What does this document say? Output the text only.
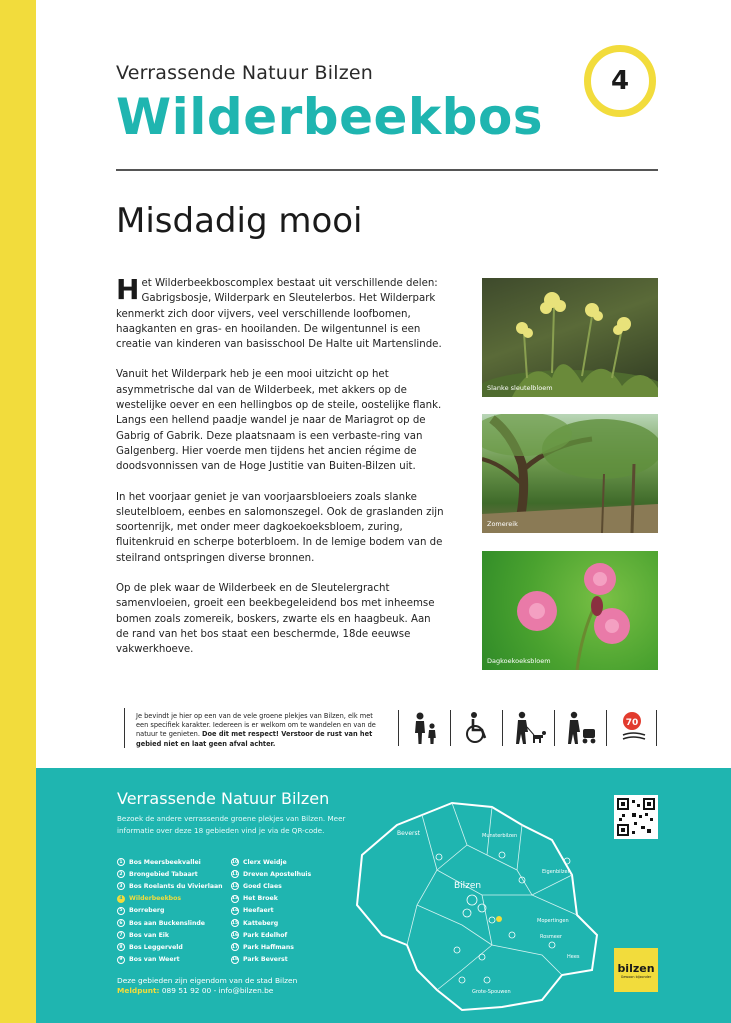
Verrassende Natuur Bilzen
Wilderbeekbos
4
Misdadig mooi

Het Wilderbeekboscomplex bestaat uit verschillende delen: Gabrigsbosje, Wilderpark en Sleutelerbos. Het Wilderpark kenmerkt zich door vijvers, veel verschillende loofbomen, haagkanten en gras- en hooilanden. De wilgentunnel is een creatie van kinderen van basisschool De Halte uit Martenslinde.

Vanuit het Wilderpark heb je een mooi uitzicht op het asymmetrische dal van de Wilderbeek, met akkers op de westelijke oever en een hellingbos op de steile, oostelijke flank. Langs een hellend paadje wandel je naar de Mariagrot op de Gabrig of Gabrik. Deze plaatsnaam is een verbaste-ring van Galgenberg. Hier voerde men tijdens het ancien régime de doodsvonnissen van de Hoge Justitie van Buiten-Bilzen uit.

In het voorjaar geniet je van voorjaarsbloeiers zoals slanke sleutelbloem, eenbes en salomonszegel. Ook de graslanden zijn soortenrijk, met onder meer dagkoekoeksbloem, zuring, fluitenkruid en scherpe boterbloem. In de lemige bodem van de steilrand ontspringen diverse bronnen.

Op de plek waar de Wilderbeek en de Sleutelergracht samenvloeien, groeit een beekbegeleidend bos met inheemse bomen zoals zomereik, boskers, zwarte els en haagbeuk. Aan de rand van het bos staat een beschermde, 18de eeuwse vakwerkhoeve.

Slanke sleutelbloem
Zomereik
Dagkoekoeksbloem
Je bevindt je hier op een van de vele groene plekjes van Bilzen, elk met een specifiek karakter. Iedereen is er welkom om te wandelen en van de natuur te genieten. Doe dit met respect! Verstoor de rust van het gebied niet en laat geen afval achter.
70
Verrassende Natuur Bilzen
Bezoek de andere verrassende groene plekjes van Bilzen. Meer informatie over deze 18 gebieden vind je via de QR-code.
1	Bos Meersbeekvallei
2	Brongebied Tabaart
3	Bos Roelants du Vivierlaan
4	Wilderbeekbos
5	Borreberg
6	Bos aan Buckenslinde
7	Bos van Eik
8	Bos Leggerveld
9	Bos van Weert
10 Clerx Weidje
11 Dreven Apostelhuis
12 Goed Claes
13 Het Broek
14 Heefaert
15 Katteberg
16 Park Edelhof
17 Park Haffmans
18 Park Beverst
Deze gebieden zijn eigendom van de stad Bilzen
Meldpunt: 089 51 92 00 - info@bilzen.be
Beverst	Munsterbilzen
Eigenbilzen
Bilzen
Hees
Rosmeer
Mopertingen
Grote-Spouwen
bilzen
Gewoon bijzonder
